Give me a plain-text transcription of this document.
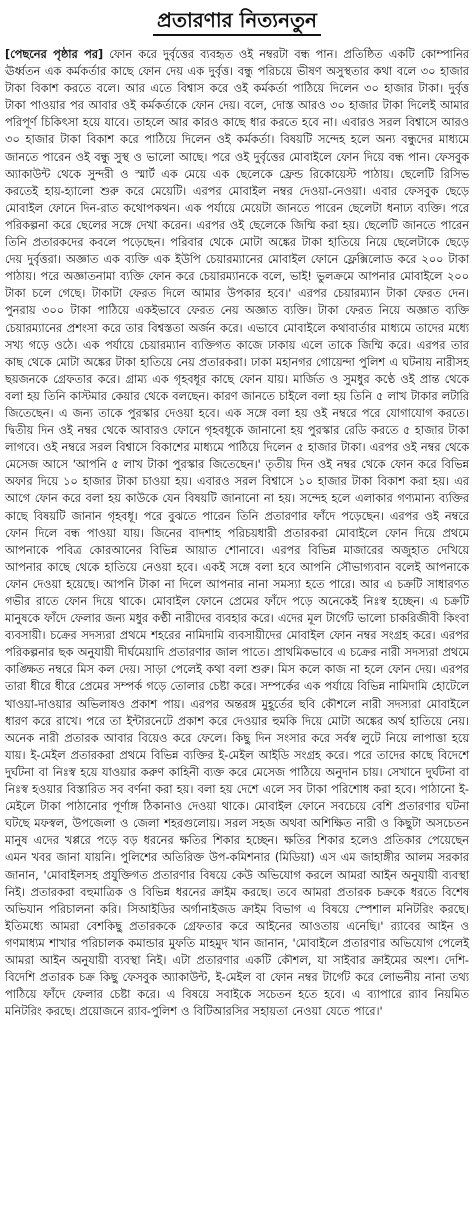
প্রতারণার নিত্যনতুন

[পেছনের পৃষ্ঠার পর] ফোন করে দুর্বৃত্তের ব্যবহৃত ওই নম্বরটা বন্ধ পান। প্রতিষ্ঠিত একটি কোম্পানির ঊর্ধ্বতন এক কর্মকর্তার কাছে ফোন দেয় এক দুর্বৃত্ত। বন্ধু পরিচয়ে ভীষণ অসুস্থতার কথা বলে ৩০ হাজার টাকা বিকাশ করতে বলে। আর এতে বিশ্বাস করে ওই কর্মকর্তা পাঠিয়ে দিলেন ৩০ হাজার টাকা। দুর্বৃত্ত টাকা পাওয়ার পর আবার ওই কর্মকর্তাকে ফোন দেয়। বলে, দোস্ত আরও ৩০ হাজার টাকা দিলেই আমার পরিপূর্ণ চিকিৎসা হয়ে যাবে। তাহলে আর কারও কাছে ধার করতে হবে না। এবারও সরল বিশ্বাসে আরও ৩০ হাজার টাকা বিকাশ করে পাঠিয়ে দিলেন ওই কর্মকর্তা। বিষয়টি সন্দেহ হলে অন্য বন্ধুদের মাধ্যমে জানতে পারেন ওই বন্ধু সুস্থ ও ভালো আছে। পরে ওই দুর্বৃত্তের মোবাইলে ফোন দিয়ে বন্ধ পান। ফেসবুক অ্যাকাউন্ট থেকে সুন্দরী ও স্মার্ট এক মেয়ে এক ছেলেকে ফ্রেন্ড রিকোয়েস্ট পাঠায়। ছেলেটি রিসিভ করতেই হায়-হ্যালো শুরু করে মেয়েটি। এরপর মোবাইল নম্বর দেওয়া-নেওয়া। এবার ফেসবুক ছেড়ে মোবাইল ফোনে দিন-রাত কথোপকথন। এক পর্যায়ে মেয়েটা জানতে পারেন ছেলেটা ধনাঢ্য ব্যক্তি। পরে পরিকল্পনা করে ছেলের সঙ্গে দেখা করেন। এরপর ওই ছেলেকে জিম্মি করা হয়। ছেলেটি জানতে পারেন তিনি প্রতারকদের কবলে পড়েছেন। পরিবার থেকে মোটা অঙ্কের টাকা হাতিয়ে নিয়ে ছেলেটাকে ছেড়ে দেয় দুর্বৃত্তরা। অজ্ঞাত এক ব্যক্তি এক ইউপি চেয়ারম্যানের মোবাইল ফোনে ফ্লেক্সিলোড করে ২০০ টাকা পাঠায়। পরে অজ্ঞাতনামা ব্যক্তি ফোন করে চেয়ারম্যানকে বলে, ভাই! ভুলক্রমে আপনার মোবাইলে ২০০ টাকা চলে গেছে। টাকাটা ফেরত দিলে আমার উপকার হবে।' এরপর চেয়ারম্যান টাকা ফেরত দেন। পুনরায় ৩০০ টাকা পাঠিয়ে একইভাবে ফেরত নেয় অজ্ঞাত ব্যক্তি। টাকা ফেরত নিয়ে অজ্ঞাত ব্যক্তি চেয়ারম্যানের প্রশংসা করে তার বিশ্বস্ততা অর্জন করে। এভাবে মোবাইলে কথাবার্তার মাধ্যমে তাদের মধ্যে সখ্য গড়ে ওঠে। এক পর্যায়ে চেয়ারম্যান ব্যক্তিগত কাজে ঢাকায় এলে তাকে জিম্মি করে। এরপর তার কাছ থেকে মোটা অঙ্কের টাকা হাতিয়ে নেয় প্রতারকরা। ঢাকা মহানগর গোয়েন্দা পুলিশ এ ঘটনায় নারীসহ ছয়জনকে গ্রেফতার করে। গ্রাম্য এক গৃহবধূর কাছে ফোন যায়। মার্জিত ও সুমধুর কণ্ঠে ওই প্রান্ত থেকে বলা হয় তিনি কাস্টমার কেয়ার থেকে বলছেন। কারণ জানতে চাইলে বলা হয় তিনি ৫ লাখ টাকার লটারি জিতেছেন। এ জন্য তাকে পুরস্কার দেওয়া হবে। এক সঙ্গে বলা হয় ওই নম্বরে পরে যোগাযোগ করতে। দ্বিতীয় দিন ওই নম্বর থেকে আবারও ফোনে গৃহবধূকে জানানো হয় পুরস্কার রেডি করতে ৫ হাজার টাকা লাগবে। ওই নম্বরে সরল বিশ্বাসে বিকাশের মাধ্যমে পাঠিয়ে দিলেন ৫ হাজার টাকা। এরপর ওই নম্বর থেকে মেসেজ আসে 'আপনি ৫ লাখ টাকা পুরস্কার জিতেছেন।' তৃতীয় দিন ওই নম্বর থেকে ফোন করে বিভিন্ন অফার দিয়ে ১০ হাজার টাকা চাওয়া হয়। এবারও সরল বিশ্বাসে ১০ হাজার টাকা বিকাশ করা হয়। এর আগে ফোন করে বলা হয় কাউকে যেন বিষয়টি জানানো না হয়। সন্দেহ হলে এলাকার গণ্যমান্য ব্যক্তির কাছে বিষয়টি জানান গৃহবধূ। পরে বুঝতে পারেন তিনি প্রতারণার ফাঁদে পড়েছেন। এরপর ওই নম্বরে ফোন দিলে বন্ধ পাওয়া যায়। জিনের বাদশাহ পরিচয়ধারী প্রতারকরা মোবাইলে ফোন দিয়ে প্রথমে আপনাকে পবিত্র কোরআনের বিভিন্ন আয়াত শোনাবে। এরপর বিভিন্ন মাজারের অজুহাত দেখিয়ে আপনার কাছে থেকে হাতিয়ে নেওয়া হবে। একই সঙ্গে বলা হবে আপনি সৌভাগ্যবান বলেই আপনাকে ফোন দেওয়া হয়েছে। আপনি টাকা না দিলে আপনার নানা সমস্যা হতে পারে। আর এ চক্রটি সাধারণত গভীর রাতে ফোন দিয়ে থাকে। মোবাইল ফোনে প্রেমের ফাঁদে পড়ে অনেকেই নিঃস্ব হচ্ছেন। এ চক্রটি মানুষকে ফাঁদে ফেলার জন্য মধুর কণ্ঠী নারীদের ব্যবহার করে। এদের মূল টার্গেট ভালো চাকরিজীবী কিংবা ব্যবসায়ী। চক্রের সদস্যরা প্রথমে শহরের নামিদামি ব্যবসায়ীদের মোবাইল ফোন নম্বর সংগ্রহ করে। এরপর পরিকল্পনার ছক অনুযায়ী দীর্ঘমেয়াদি প্রতারণার জাল পাতে। প্রাথমিকভাবে এ চক্রের নারী সদস্যরা প্রথমে কাঙ্ক্ষিত নম্বরে মিস কল দেয়। সাড়া পেলেই কথা বলা শুরু। মিস কলে কাজ না হলে ফোন দেয়। এরপর তারা ধীরে ধীরে প্রেমের সম্পর্ক গড়ে তোলার চেষ্টা করে। সম্পর্কের এক পর্যায়ে বিভিন্ন নামিদামি হোটেলে খাওয়া-দাওয়ার অভিলাষও প্রকাশ পায়। এরপর অন্তরঙ্গ মুহূর্তের ছবি কৌশলে নারী সদস্যরা মোবাইলে ধারণ করে রাখে। পরে তা ইন্টারনেটে প্রকাশ করে দেওয়ার হুমকি দিয়ে মোটা অঙ্কের অর্থ হাতিয়ে নেয়। অনেক নারী প্রতারক আবার বিয়েও করে ফেলে। কিছু দিন সংসার করে সর্বস্ব লুটে নিয়ে লাপাত্তা হয়ে যায়। ই-মেইল প্রতারকরা প্রথমে বিভিন্ন ব্যক্তির ই-মেইল আইডি সংগ্রহ করে। পরে তাদের কাছে বিদেশে দুর্ঘটনা বা নিঃস্ব হয়ে যাওয়ার করুণ কাহিনী ব্যক্ত করে মেসেজ পাঠিয়ে অনুদান চায়। সেখানে দুর্ঘটনা বা নিঃস্ব হওয়ার বিস্তারিত সব বর্ণনা করা হয়। বলা হয় দেশে এলে সব টাকা পরিশোধ করা হবে। পাঠানো ই-মেইলে টাকা পাঠানোর পূর্ণাঙ্গ ঠিকানাও দেওয়া থাকে। মোবাইল ফোনে সবচেয়ে বেশি প্রতারণার ঘটনা ঘটছে মফস্বল, উপজেলা ও জেলা শহরগুলোয়। সরল সহজ অথবা অশিক্ষিত নারী ও কিছুটা অসচেতন মানুষ এদের খপ্পরে পড়ে বড় ধরনের ক্ষতির শিকার হচ্ছেন। ক্ষতির শিকার হলেও প্রতিকার পেয়েছেন এমন খবর জানা যায়নি। পুলিশের অতিরিক্ত উপ-কমিশনার (মিডিয়া) এস এম জাহাঙ্গীর আলম সরকার জানান, 'মোবাইলসহ প্রযুক্তিগত প্রতারণার বিষয়ে কেউ অভিযোগ করলে আমরা আইন অনুযায়ী ব্যবস্থা নিই। প্রতারকরা বহুমাত্রিক ও বিভিন্ন ধরনের ক্রাইম করছে। তবে আমরা প্রতারক চক্রকে ধরতে বিশেষ অভিযান পরিচালনা করি। সিআইডির অর্গানাইজড ক্রাইম বিভাগ এ বিষয়ে স্পেশাল মনিটরিং করছে। ইতিমধ্যে আমরা বেশকিছু প্রতারককে গ্রেফতার করে আইনের আওতায় এনেছি।' র‌্যাবের আইন ও গণমাধ্যম শাখার পরিচালক কমান্ডার মুফতি মাহমুদ খান জানান, 'মোবাইলে প্রতারণার অভিযোগ পেলেই আমরা আইন অনুযায়ী ব্যবস্থা নিই। এটা প্রতারণার একটি কৌশল, যা সাইবার ক্রাইমের অংশ। দেশি-বিদেশি প্রতারক চক্র কিছু ফেসবুক অ্যাকাউন্ট, ই-মেইল বা ফোন নম্বর টার্গেট করে লোভনীয় নানা তথ্য পাঠিয়ে ফাঁদে ফেলার চেষ্টা করে। এ বিষয়ে সবাইকে সচেতন হতে হবে। এ ব্যাপারে র‌্যাব নিয়মিত মনিটরিং করছে। প্রয়োজনে র‌্যাব-পুলিশ ও বিটিআরসির সহায়তা নেওয়া যেতে পারে।'
